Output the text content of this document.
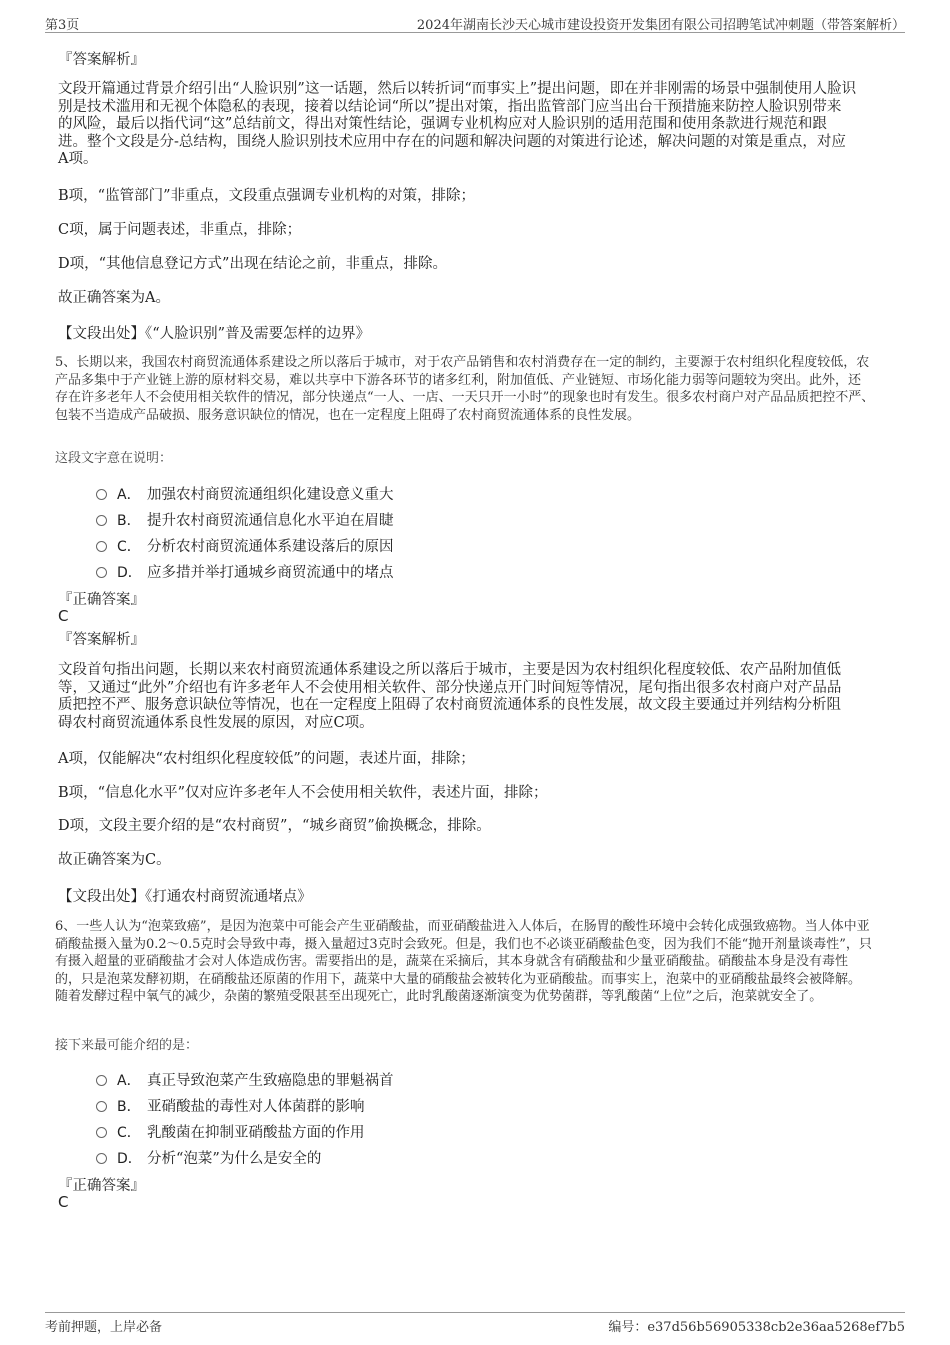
第3页	2024年湖南长沙天心城市建设投资开发集团有限公司招聘笔试冲刺题（带答案解析）
『答案解析』

文段开篇通过背景介绍引出“人脸识别”这一话题，然后以转折词“而事实上”提出问题，即在并非刚需的场景中强制使用人脸识

别是技术滥用和无视个体隐私的表现，接着以结论词“所以”提出对策，指出监管部门应当出台干预措施来防控人脸识别带来

的风险，最后以指代词“这”总结前文，得出对策性结论，强调专业机构应对人脸识别的适用范围和使用条款进行规范和跟

进。整个文段是分-总结构，围绕人脸识别技术应用中存在的问题和解决问题的对策进行论述，解决问题的对策是重点，对应

A项。

B项，“监管部门”非重点，文段重点强调专业机构的对策，排除；

C项，属于问题表述，非重点，排除；

D项，“其他信息登记方式”出现在结论之前，非重点，排除。

故正确答案为A。

【文段出处】《“人脸识别”普及需要怎样的边界》

5、长期以来，我国农村商贸流通体系建设之所以落后于城市，对于农产品销售和农村消费存在一定的制约，主要源于农村组织化程度较低，农

产品多集中于产业链上游的原材料交易，难以共享中下游各环节的诸多红利，附加值低、产业链短、市场化能力弱等问题较为突出。此外，还

存在许多老年人不会使用相关软件的情况，部分快递点“一人、一店、一天只开一小时”的现象也时有发生。很多农村商户对产品品质把控不严、

包装不当造成产品破损、服务意识缺位的情况，也在一定程度上阻碍了农村商贸流通体系的良性发展。

这段文字意在说明：
A． 加强农村商贸流通组织化建设意义重大
B． 提升农村商贸流通信息化水平迫在眉睫
C． 分析农村商贸流通体系建设落后的原因
D． 应多措并举打通城乡商贸流通中的堵点
『正确答案』
C
『答案解析』

文段首句指出问题，长期以来农村商贸流通体系建设之所以落后于城市，主要是因为农村组织化程度较低、农产品附加值低

等，又通过“此外”介绍也有许多老年人不会使用相关软件、部分快递点开门时间短等情况，尾句指出很多农村商户对产品品

质把控不严、服务意识缺位等情况，也在一定程度上阻碍了农村商贸流通体系的良性发展，故文段主要通过并列结构分析阻

碍农村商贸流通体系良性发展的原因，对应C项。

A项，仅能解决“农村组织化程度较低”的问题，表述片面，排除；

B项，“信息化水平”仅对应许多老年人不会使用相关软件，表述片面，排除；

D项，文段主要介绍的是“农村商贸”，“城乡商贸”偷换概念，排除。

故正确答案为C。

【文段出处】《打通农村商贸流通堵点》

6、一些人认为“泡菜致癌”，是因为泡菜中可能会产生亚硝酸盐，而亚硝酸盐进入人体后，在肠胃的酸性环境中会转化成强致癌物。当人体中亚

硝酸盐摄入量为0.2～0.5克时会导致中毒，摄入量超过3克时会致死。但是，我们也不必谈亚硝酸盐色变，因为我们不能“抛开剂量谈毒性”，只

有摄入超量的亚硝酸盐才会对人体造成伤害。需要指出的是，蔬菜在采摘后，其本身就含有硝酸盐和少量亚硝酸盐。硝酸盐本身是没有毒性

的，只是泡菜发酵初期，在硝酸盐还原菌的作用下，蔬菜中大量的硝酸盐会被转化为亚硝酸盐。而事实上，泡菜中的亚硝酸盐最终会被降解。

随着发酵过程中氧气的减少，杂菌的繁殖受限甚至出现死亡，此时乳酸菌逐渐演变为优势菌群，等乳酸菌“上位”之后，泡菜就安全了。

接下来最可能介绍的是：
A． 真正导致泡菜产生致癌隐患的罪魁祸首
B． 亚硝酸盐的毒性对人体菌群的影响
C． 乳酸菌在抑制亚硝酸盐方面的作用
D． 分析“泡菜”为什么是安全的
『正确答案』
C
考前押题，上岸必备	编号：e37d56b56905338cb2e36aa5268ef7b5
